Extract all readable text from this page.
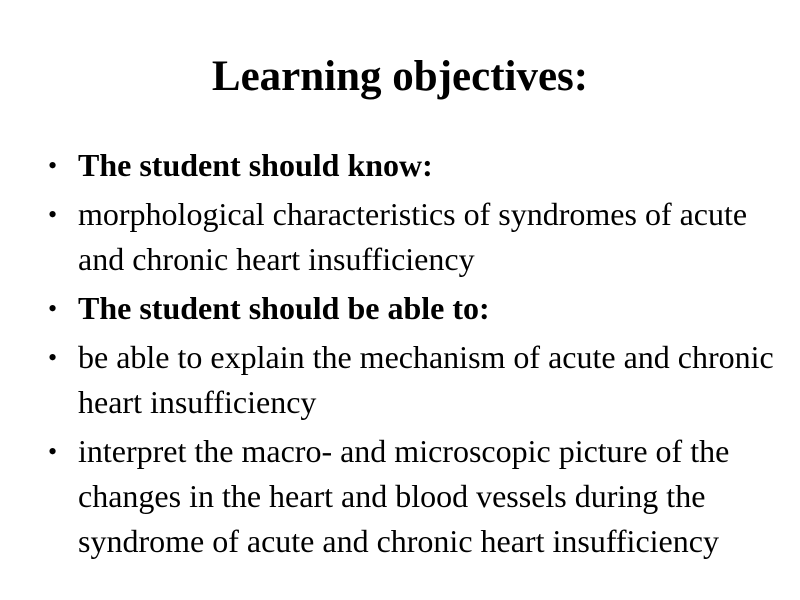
Learning objectives:
• The student should know:
• morphological characteristics of syndromes of acute and chronic heart insufficiency
• The student should be able to:
• be able to explain the mechanism of acute and chronic heart insufficiency
• interpret the macro- and microscopic picture of the changes in the heart and blood vessels during the syndrome of acute and chronic heart insufficiency
